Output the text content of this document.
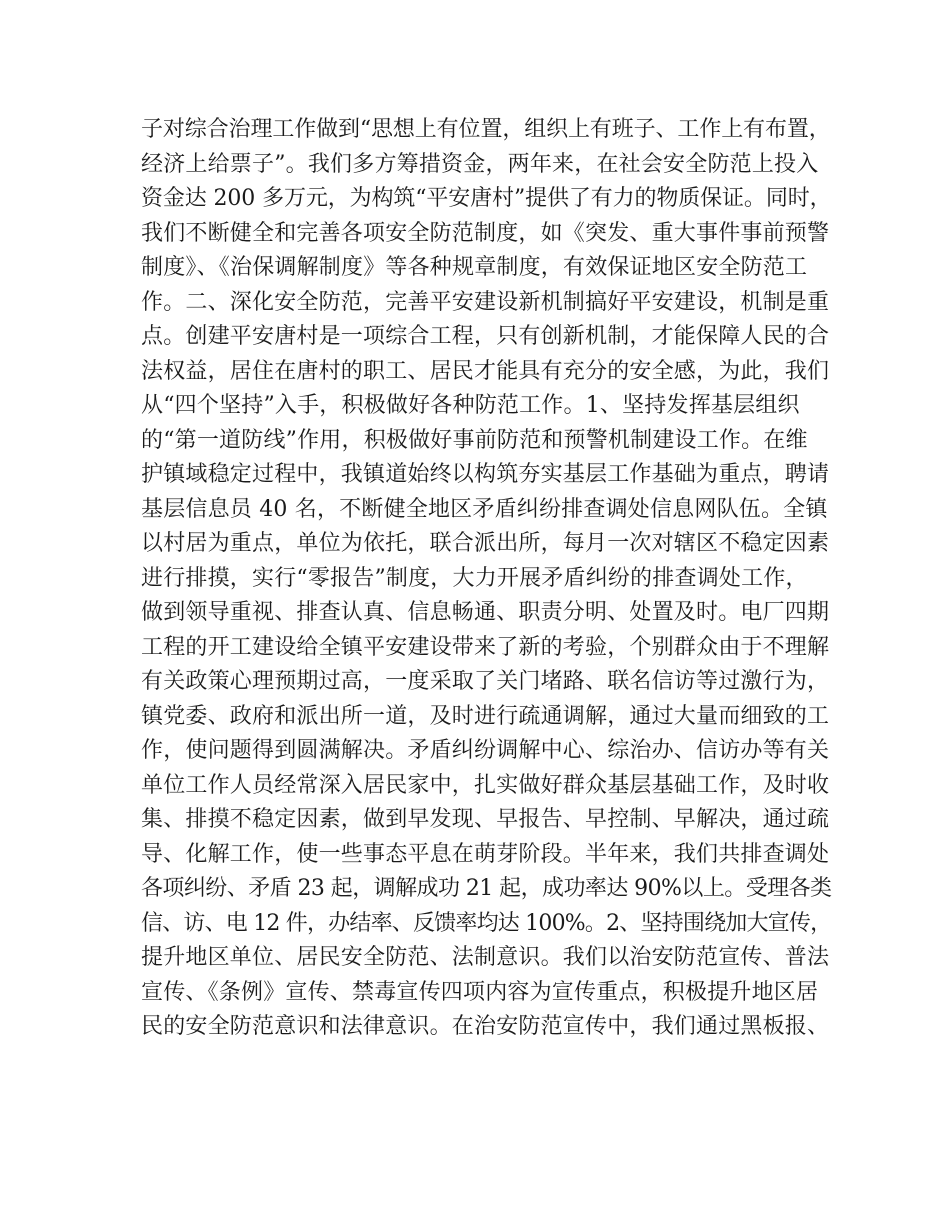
子对综合治理工作做到“思想上有位置，组织上有班子、工作上有布置，
经济上给票子”。我们多方筹措资金，两年来，在社会安全防范上投入
资金达 200 多万元，为构筑“平安唐村”提供了有力的物质保证。同时，
我们不断健全和完善各项安全防范制度，如《突发、重大事件事前预警
制度》、《治保调解制度》等各种规章制度，有效保证地区安全防范工
作。二、深化安全防范，完善平安建设新机制搞好平安建设，机制是重
点。创建平安唐村是一项综合工程，只有创新机制，才能保障人民的合
法权益，居住在唐村的职工、居民才能具有充分的安全感，为此，我们
从“四个坚持”入手，积极做好各种防范工作。1、坚持发挥基层组织
的“第一道防线”作用，积极做好事前防范和预警机制建设工作。在维
护镇域稳定过程中，我镇道始终以构筑夯实基层工作基础为重点，聘请
基层信息员 40 名，不断健全地区矛盾纠纷排查调处信息网队伍。全镇
以村居为重点，单位为依托，联合派出所，每月一次对辖区不稳定因素
进行排摸，实行“零报告”制度，大力开展矛盾纠纷的排查调处工作，
做到领导重视、排查认真、信息畅通、职责分明、处置及时。电厂四期
工程的开工建设给全镇平安建设带来了新的考验，个别群众由于不理解
有关政策心理预期过高，一度采取了关门堵路、联名信访等过激行为，
镇党委、政府和派出所一道，及时进行疏通调解，通过大量而细致的工
作，使问题得到圆满解决。矛盾纠纷调解中心、综治办、信访办等有关
单位工作人员经常深入居民家中，扎实做好群众基层基础工作，及时收
集、排摸不稳定因素，做到早发现、早报告、早控制、早解决，通过疏
导、化解工作，使一些事态平息在萌芽阶段。半年来，我们共排查调处
各项纠纷、矛盾 23 起，调解成功 21 起，成功率达 90%以上。受理各类
信、访、电 12 件，办结率、反馈率均达 100%。2、坚持围绕加大宣传，
提升地区单位、居民安全防范、法制意识。我们以治安防范宣传、普法
宣传、《条例》宣传、禁毒宣传四项内容为宣传重点，积极提升地区居
民的安全防范意识和法律意识。在治安防范宣传中，我们通过黑板报、
